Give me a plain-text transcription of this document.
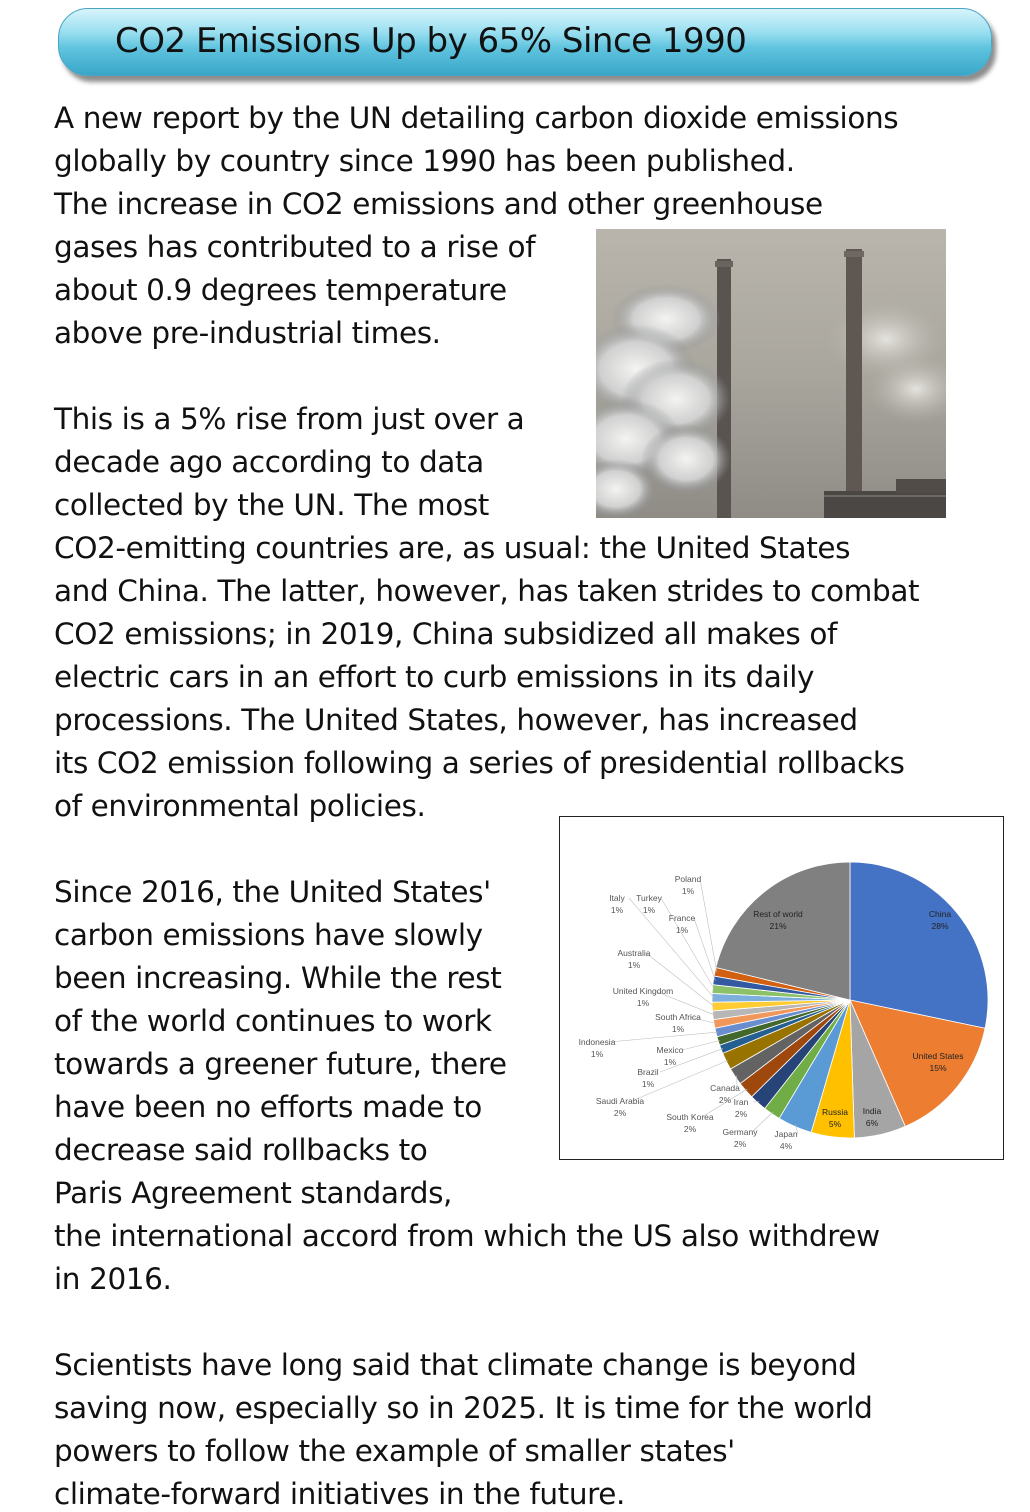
CO2 Emissions Up by 65% Since 1990
A new report by the UN detailing carbon dioxide emissions
globally by country since 1990 has been published.
The increase in CO2 emissions and other greenhouse
gases has contributed to a rise of
about 0.9 degrees temperature
above pre-industrial times.
This is a 5% rise from just over a
decade ago according to data
collected by the UN. The most
CO2-emitting countries are, as usual: the United States
and China. The latter, however, has taken strides to combat
CO2 emissions; in 2019, China subsidized all makes of
electric cars in an effort to curb emissions in its daily
processions. The United States, however, has increased
its CO2 emission following a series of presidential rollbacks
of environmental policies.
Since 2016, the United States'
carbon emissions have slowly
been increasing. While the rest
of the world continues to work
towards a greener future, there
have been no efforts made to
decrease said rollbacks to
Paris Agreement standards,
the international accord from which the US also withdrew
in 2016.
Scientists have long said that climate change is beyond
saving now, especially so in 2025. It is time for the world
powers to follow the example of smaller states'
climate-forward initiatives in the future.
China
28%
United States
15%
India
6%
Russia
5%
Japan
4%
Germany
2%
Iran
2%
South Korea
2%
Canada
2%
Saudi Arabia
2%
Brazil
1%
Mexico
1%
Indonesia
1%
South Africa
1%
United Kingdom
1%
Australia
1%
Italy
1%
Turkey
1%
France
1%
Poland
1%
Rest of world
21%
